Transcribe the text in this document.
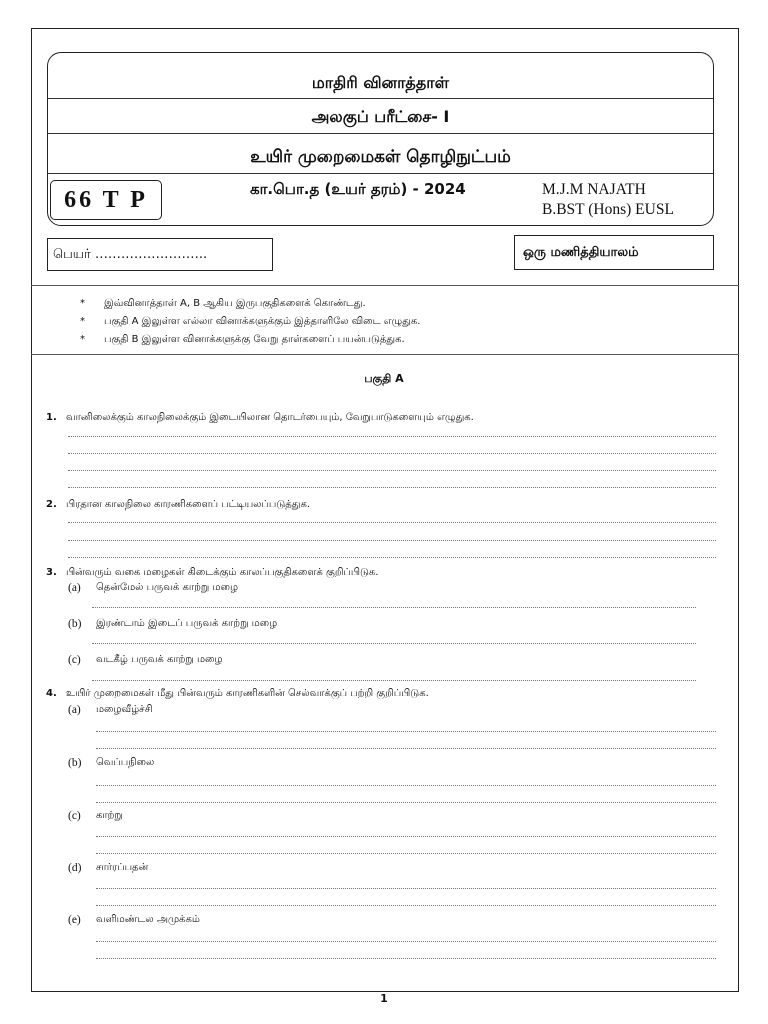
மாதிரி வினாத்தாள்
அலகுப் பரீட்சை- I
உயிர் முறைமைகள் தொழிநுட்பம்
66 T P	கா.பொ.த (உயர் தரம்) - 2024	M.J.M NAJATH
B.BST (Hons) EUSL
பெயர் ……………………..	ஒரு மணித்தியாலம்
*	இவ்வினாத்தாள் A, B ஆகிய இருபகுதிகளைக் கொண்டது.
*	பகுதி A இலுள்ள எல்லா வினாக்களுக்கும் இத்தாளிலே விடை எழுதுக.
*	பகுதி B இலுள்ள வினாக்களுக்கு வேறு தாள்களைப் பயன்படுத்துக.
பகுதி A
1. வானிலைக்கும் காலநிலைக்கும் இடையிலான தொடர்பையும், வேறுபாடுகளையும் எழுதுக.
2. பிரதான காலநிலை காரணிகளைப் பட்டியலப்படுத்துக.
3. பின்வரும் வகை மழைகள் கிடைக்கும் காலப்பகுதிகளைக் குறிப்பிடுக.
(a)	தென்மேல் பருவக் காற்று மழை
(b)	இரண்டாம் இடைப் பருவக் காற்று மழை
(c)	வடகீழ் பருவக் காற்று மழை
4. உயிர் முறைமைகள் மீது பின்வரும் காரணிகளின் செல்வாக்குப் பற்றி குறிப்பிடுக.
(a)	மழைவீழ்ச்சி
(b)	வெப்பநிலை
(c)	காற்று
(d)	சார்ரப்பதன்
(e)	வளிமண்டல அமுக்கம்
1
